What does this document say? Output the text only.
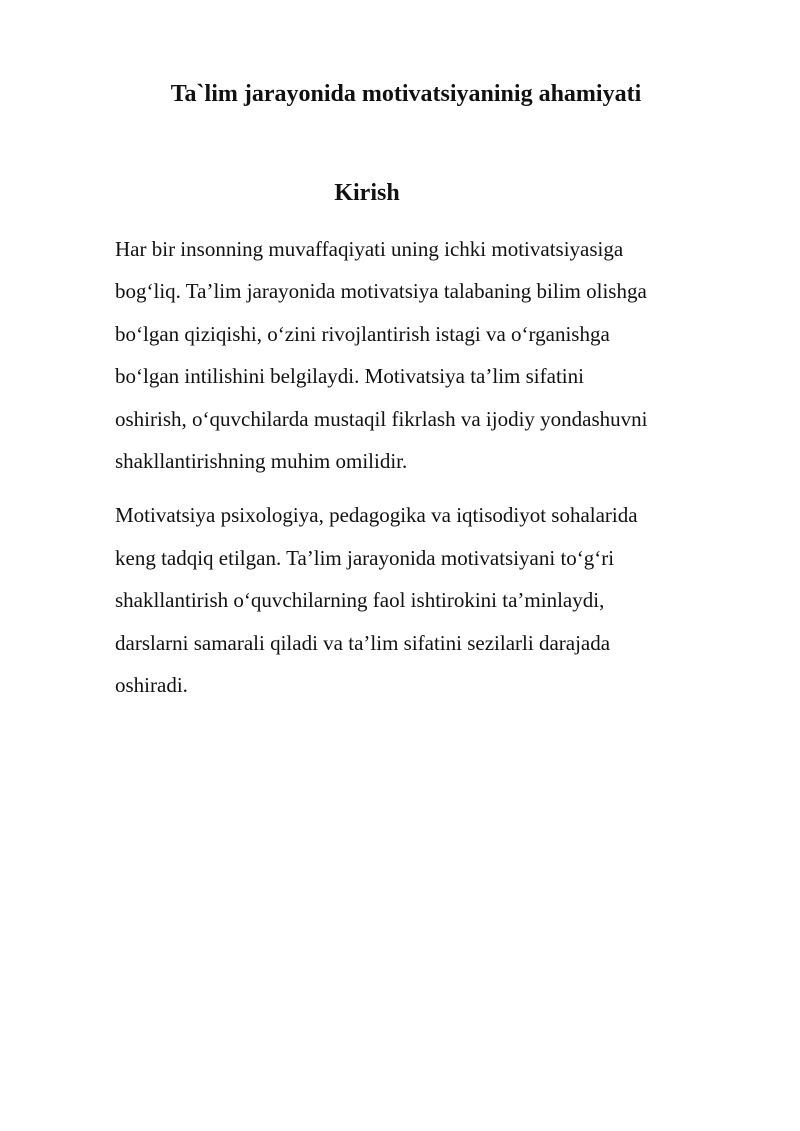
Ta`lim jarayonida motivatsiyaninig ahamiyati
Kirish

Har bir insonning muvaffaqiyati uning ichki motivatsiyasiga
bog‘liq. Ta’lim jarayonida motivatsiya talabaning bilim olishga
bo‘lgan qiziqishi, o‘zini rivojlantirish istagi va o‘rganishga
bo‘lgan intilishini belgilaydi. Motivatsiya ta’lim sifatini
oshirish, o‘quvchilarda mustaqil fikrlash va ijodiy yondashuvni
shakllantirishning muhim omilidir.

Motivatsiya psixologiya, pedagogika va iqtisodiyot sohalarida
keng tadqiq etilgan. Ta’lim jarayonida motivatsiyani to‘g‘ri
shakllantirish o‘quvchilarning faol ishtirokini ta’minlaydi,
darslarni samarali qiladi va ta’lim sifatini sezilarli darajada
oshiradi.
